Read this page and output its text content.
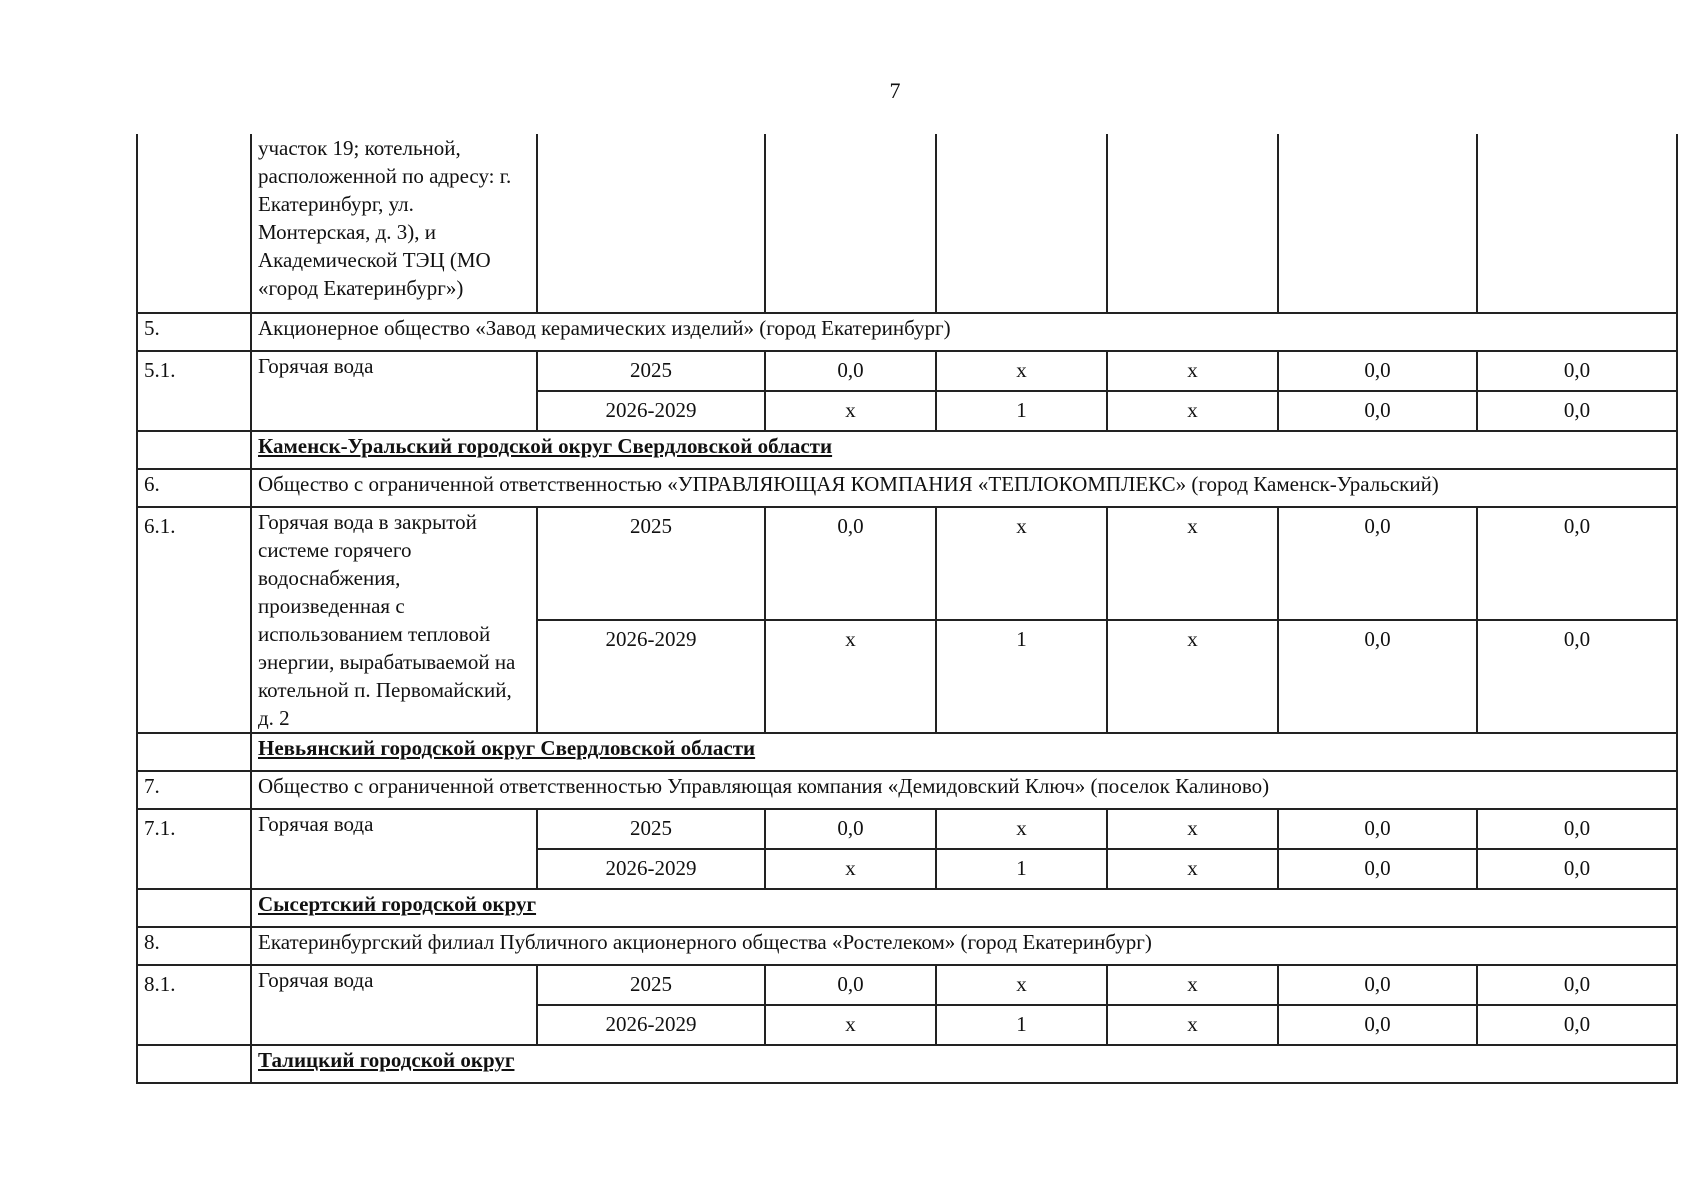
7
	участок 19; котельной, расположенной по адресу: г. Екатеринбург, ул. Монтерская, д. 3), и Академической ТЭЦ (МО «город Екатеринбург»)						
5.	Акционерное общество «Завод керамических изделий» (город Екатеринбург)						
5.1.	Горячая вода	2025	0,0	x	x	0,0	0,0
		2026-2029	x	1	x	0,0	0,0
	Каменск-Уральский городской округ Свердловской области						
6.	Общество с ограниченной ответственностью «УПРАВЛЯЮЩАЯ КОМПАНИЯ «ТЕПЛОКОМПЛЕКС» (город Каменск-Уральский)						
6.1.	Горячая вода в закрытой системе горячего водоснабжения, произведенная с использованием тепловой энергии, вырабатываемой на котельной п. Первомайский, д. 2	2025	0,0	x	x	0,0	0,0
		2026-2029	x	1	x	0,0	0,0
	Невьянский городской округ Свердловской области						
7.	Общество с ограниченной ответственностью Управляющая компания «Демидовский Ключ» (поселок Калиново)						
7.1.	Горячая вода	2025	0,0	x	x	0,0	0,0
		2026-2029	x	1	x	0,0	0,0
	Сысертский городской округ						
8.	Екатеринбургский филиал Публичного акционерного общества «Ростелеком» (город Екатеринбург)						
8.1.	Горячая вода	2025	0,0	x	x	0,0	0,0
		2026-2029	x	1	x	0,0	0,0
	Талицкий городской округ						
